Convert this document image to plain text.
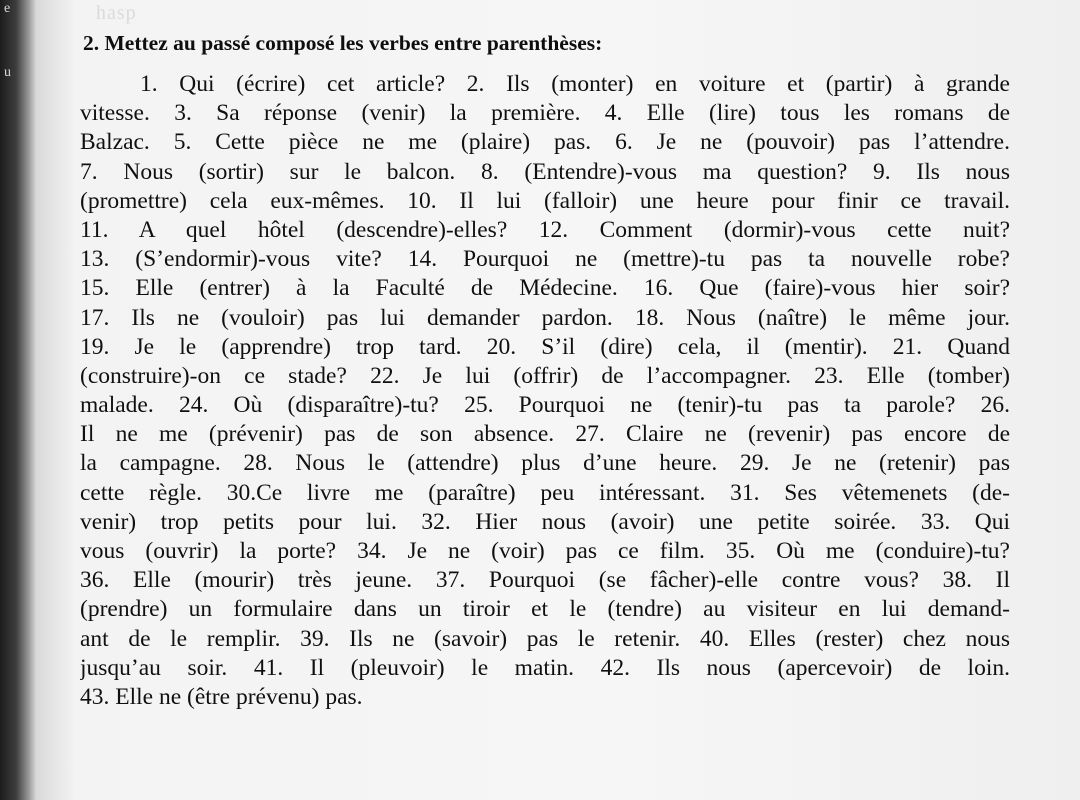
e
u
hasp
2. Mettez au passé composé les verbes entre parenthèses:
1. Qui (écrire) cet article? 2. Ils (monter) en voiture et (partir) à grande
vitesse. 3. Sa réponse (venir) la première. 4. Elle (lire) tous les romans de
Balzac. 5. Cette pièce ne me (plaire) pas. 6. Je ne (pouvoir) pas l’attendre.
7. Nous (sortir) sur le balcon. 8. (Entendre)-vous ma question? 9. Ils nous
(promettre) cela eux-mêmes. 10. Il lui (falloir) une heure pour finir ce travail.
11. A quel hôtel (descendre)-elles? 12. Comment (dormir)-vous cette nuit?
13. (S’endormir)-vous vite? 14. Pourquoi ne (mettre)-tu pas ta nouvelle robe?
15. Elle (entrer) à la Faculté de Médecine. 16. Que (faire)-vous hier soir?
17. Ils ne (vouloir) pas lui demander pardon. 18. Nous (naître) le même jour.
19. Je le (apprendre) trop tard. 20. S’il (dire) cela, il (mentir). 21. Quand
(construire)-on ce stade? 22. Je lui (offrir) de l’accompagner. 23. Elle (tomber)
malade. 24. Où (disparaître)-tu? 25. Pourquoi ne (tenir)-tu pas ta parole? 26.
Il ne me (prévenir) pas de son absence. 27. Claire ne (revenir) pas encore de
la campagne. 28. Nous le (attendre) plus d’une heure. 29. Je ne (retenir) pas
cette règle. 30.Ce livre me (paraître) peu intéressant. 31. Ses vêtemenets (de-
venir) trop petits pour lui. 32. Hier nous (avoir) une petite soirée. 33. Qui
vous (ouvrir) la porte? 34. Je ne (voir) pas ce film. 35. Où me (conduire)-tu?
36. Elle (mourir) très jeune. 37. Pourquoi (se fâcher)-elle contre vous? 38. Il
(prendre) un formulaire dans un tiroir et le (tendre) au visiteur en lui demand-
ant de le remplir. 39. Ils ne (savoir) pas le retenir. 40. Elles (rester) chez nous
jusqu’au soir. 41. Il (pleuvoir) le matin. 42. Ils nous (apercevoir) de loin.
43. Elle ne (être prévenu) pas.
